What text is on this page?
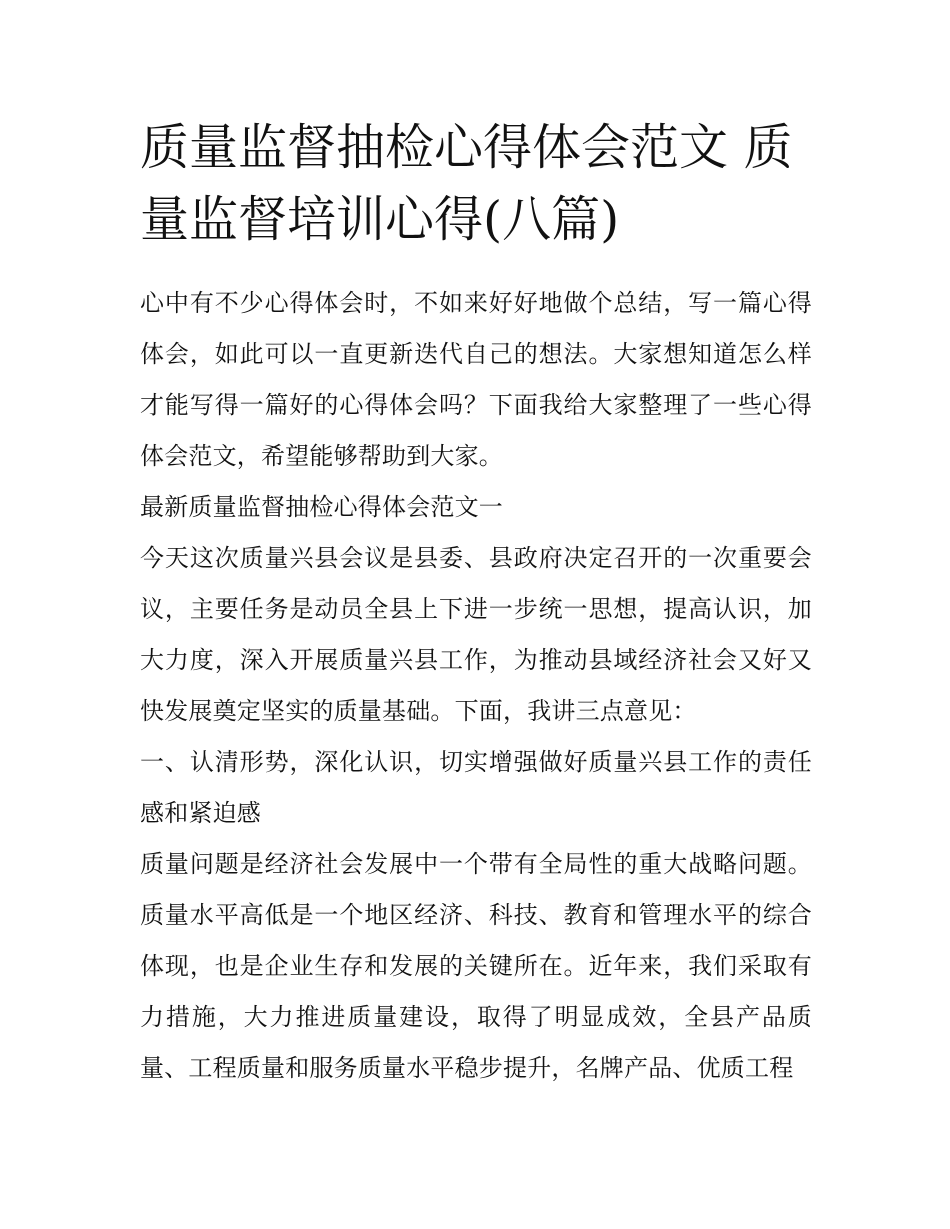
质量监督抽检心得体会范文 质量监督培训心得(八篇)

心中有不少心得体会时，不如来好好地做个总结，写一篇心得体会，如此可以一直更新迭代自己的想法。大家想知道怎么样才能写得一篇好的心得体会吗？下面我给大家整理了一些心得体会范文，希望能够帮助到大家。

最新质量监督抽检心得体会范文一

今天这次质量兴县会议是县委、县政府决定召开的一次重要会议，主要任务是动员全县上下进一步统一思想，提高认识，加大力度，深入开展质量兴县工作，为推动县域经济社会又好又快发展奠定坚实的质量基础。下面，我讲三点意见：

一、认清形势，深化认识，切实增强做好质量兴县工作的责任感和紧迫感

质量问题是经济社会发展中一个带有全局性的重大战略问题。质量水平高低是一个地区经济、科技、教育和管理水平的综合体现，也是企业生存和发展的关键所在。近年来，我们采取有力措施，大力推进质量建设，取得了明显成效，全县产品质量、工程质量和服务质量水平稳步提升，名牌产品、优质工程
